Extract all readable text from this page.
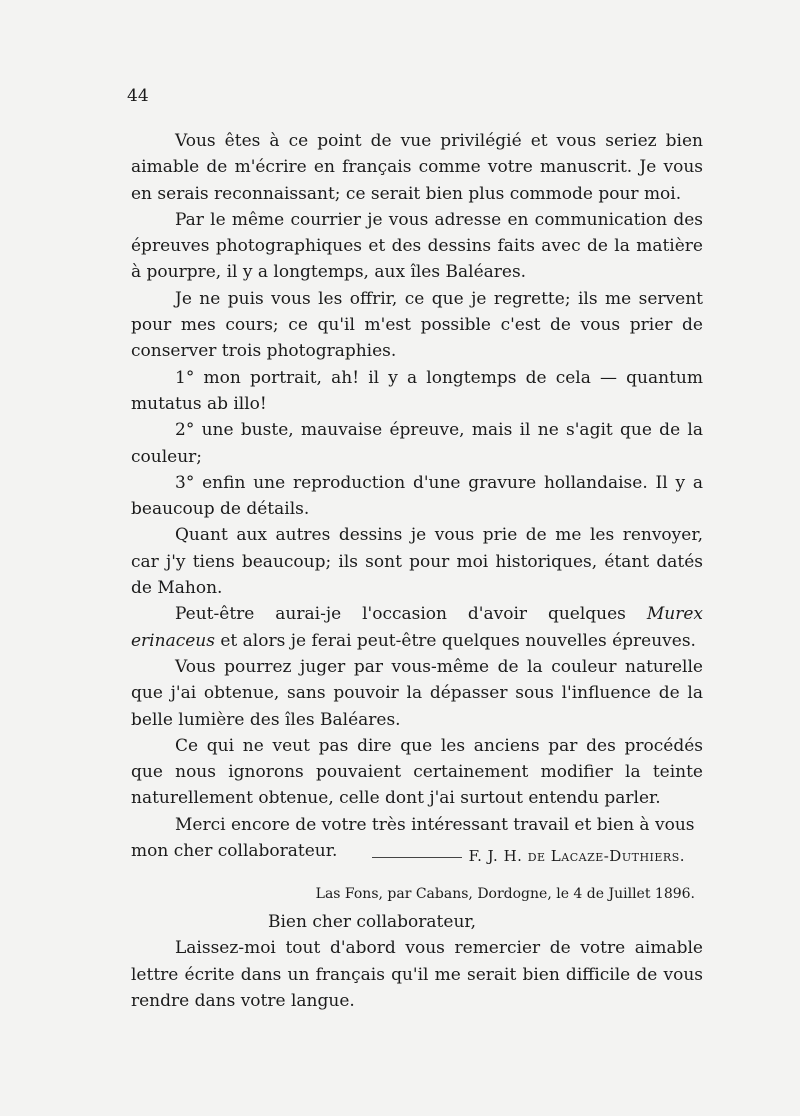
44

Vous êtes à ce point de vue privilégié et vous seriez bien aimable de m'écrire en français comme votre manuscrit. Je vous en serais reconnaissant; ce serait bien plus commode pour moi.

Par le même courrier je vous adresse en communication des épreuves photographiques et des dessins faits avec de la matière à pourpre, il y a longtemps, aux îles Baléares.

Je ne puis vous les offrir, ce que je regrette; ils me servent pour mes cours; ce qu'il m'est possible c'est de vous prier de conserver trois photographies.

1° mon portrait, ah! il y a longtemps de cela — quantum mutatus ab illo!

2° une buste, mauvaise épreuve, mais il ne s'agit que de la couleur;

3° enfin une reproduction d'une gravure hollandaise. Il y a beaucoup de détails.

Quant aux autres dessins je vous prie de me les renvoyer, car j'y tiens beaucoup; ils sont pour moi historiques, étant datés de Mahon.

Peut-être aurai-je l'occasion d'avoir quelques Murex erinaceus et alors je ferai peut-être quelques nouvelles épreuves.

Vous pourrez juger par vous-même de la couleur naturelle que j'ai obtenue, sans pouvoir la dépasser sous l'influence de la belle lumière des îles Baléares.

Ce qui ne veut pas dire que les anciens par des procédés que nous ignorons pouvaient certainement modifier la teinte naturellement obtenue, celle dont j'ai surtout entendu parler.

Merci encore de votre très intéressant travail et bien à vous

mon cher collaborateur.	F. J. H. de Lacaze-Duthiers.
Las Fons, par Cabans, Dordogne, le 4 de Juillet 1896.

Bien cher collaborateur,

Laissez-moi tout d'abord vous remercier de votre aimable lettre écrite dans un français qu'il me serait bien difficile de vous rendre dans votre langue.
